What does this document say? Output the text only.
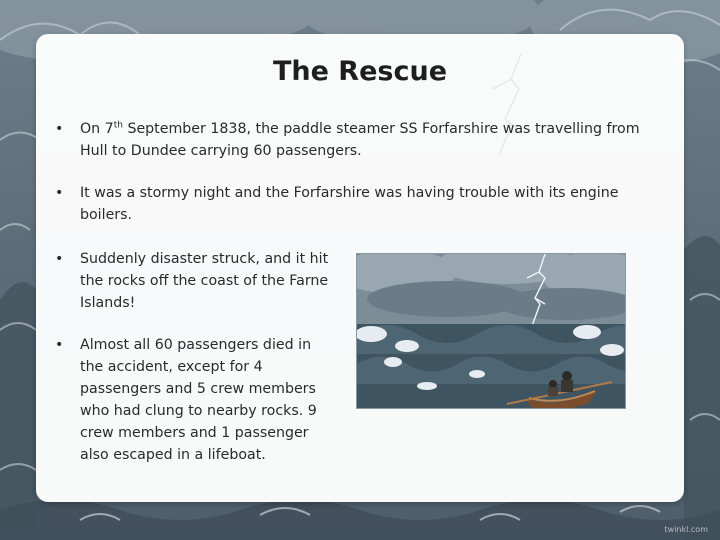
The Rescue
•	On 7th September 1838, the paddle steamer SS Forfarshire was travelling from Hull to Dundee carrying 60 passengers.
•	It was a stormy night and the Forfarshire was having trouble with its engine boilers.
•	Suddenly disaster struck, and it hit the rocks off the coast of the Farne Islands!
•	Almost all 60 passengers died in the accident, except for 4 passengers and 5 crew members who had clung to nearby rocks. 9 crew members and 1 passenger also escaped in a lifeboat.
twinkl.com
